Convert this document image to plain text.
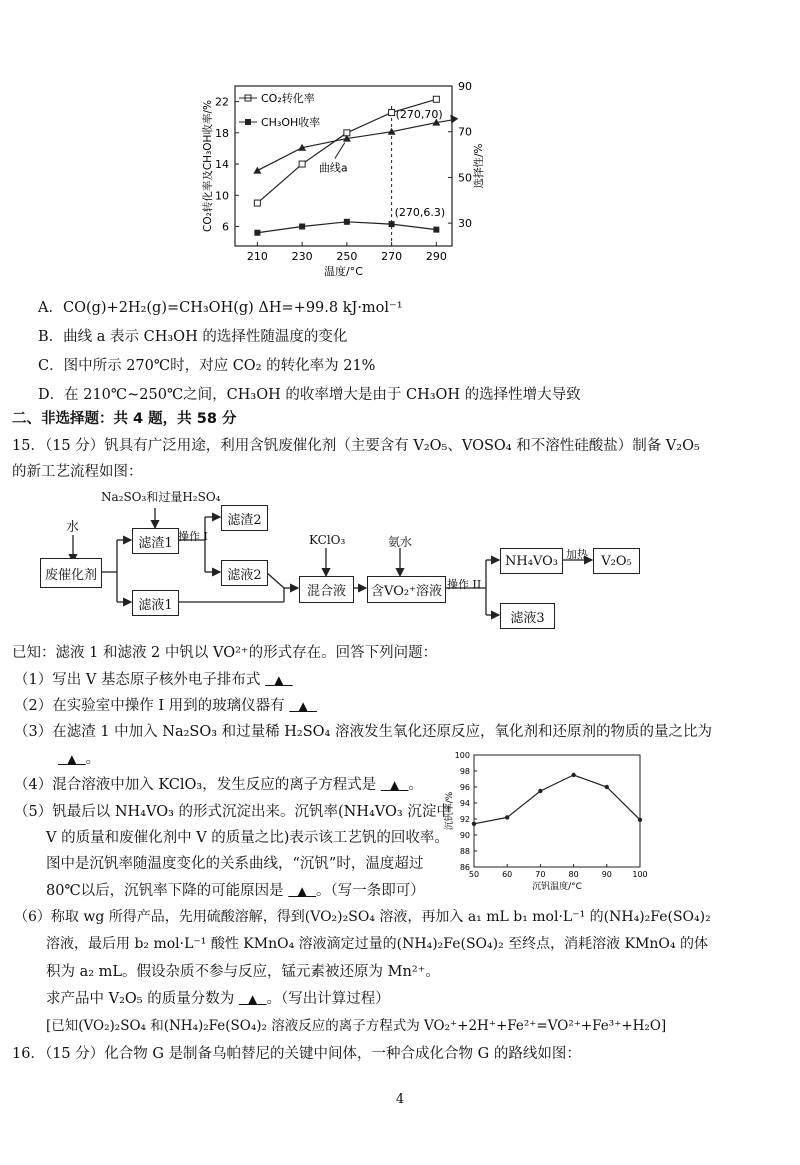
210 230 250 270 290
6
10
14
18
22
30
50
70
90
温度/°C
CO₂转化率及CH₃OH收率/%	选择性/%
CO₂转化率
CH₃OH收率
(270,70)
(270,6.3)
曲线a
A．CO(g)+2H₂(g)=CH₃OH(g) ΔH=+99.8 kJ·mol⁻¹
B．曲线 a 表示 CH₃OH 的选择性随温度的变化
C．图中所示 270℃时，对应 CO₂ 的转化率为 21%
D．在 210℃~250℃之间，CH₃OH 的收率增大是由于 CH₃OH 的选择性增大导致
二、非选择题：共 4 题，共 58 分
15．（15 分）钒具有广泛用途，利用含钒废催化剂（主要含有 V₂O₅、VOSO₄ 和不溶性硅酸盐）制备 V₂O₅
的新工艺流程如图：
水
Na₂SO₃和过量H₂SO₄
废催化剂
滤渣1
滤液1
操作 I
滤渣2
滤液2
KClO₃
混合液
氨水
含VO₂⁺溶液 操作 II
NH₄VO₃ 加热	V₂O₅
滤液3
已知：滤液 1 和滤液 2 中钒以 VO²⁺的形式存在。回答下列问题：
（1）写出 V 基态原子核外电子排布式 ▲
（2）在实验室中操作 I 用到的玻璃仪器有 ▲
（3）在滤渣 1 中加入 Na₂SO₃ 和过量稀 H₂SO₄ 溶液发生氧化还原反应，氧化剂和还原剂的物质的量之比为
▲ 。
（4）混合溶液中加入 KClO₃，发生反应的离子方程式是 ▲ 。
（5）钒最后以 NH₄VO₃ 的形式沉淀出来。沉钒率(NH₄VO₃ 沉淀中
V 的质量和废催化剂中 V 的质量之比)表示该工艺钒的回收率。
图中是沉钒率随温度变化的关系曲线，“沉钒”时，温度超过
80℃以后，沉钒率下降的可能原因是 ▲ 。（写一条即可）
50	60	70	80	90	100
86
88
90
92
94
96
98
100
沉钒温度/°C
沉钒率/%
（6）称取 wg 所得产品，先用硫酸溶解，得到(VO₂)₂SO₄ 溶液，再加入 a₁ mL b₁ mol·L⁻¹ 的(NH₄)₂Fe(SO₄)₂
溶液，最后用 b₂ mol·L⁻¹ 酸性 KMnO₄ 溶液滴定过量的(NH₄)₂Fe(SO₄)₂ 至终点，消耗溶液 KMnO₄ 的体
积为 a₂ mL。假设杂质不参与反应，锰元素被还原为 Mn²⁺。
求产品中 V₂O₅ 的质量分数为 ▲ 。（写出计算过程）
[已知(VO₂)₂SO₄ 和(NH₄)₂Fe(SO₄)₂ 溶液反应的离子方程式为 VO₂⁺+2H⁺+Fe²⁺=VO²⁺+Fe³⁺+H₂O]
16．（15 分）化合物 G 是制备乌帕替尼的关键中间体，一种合成化合物 G 的路线如图：
4
